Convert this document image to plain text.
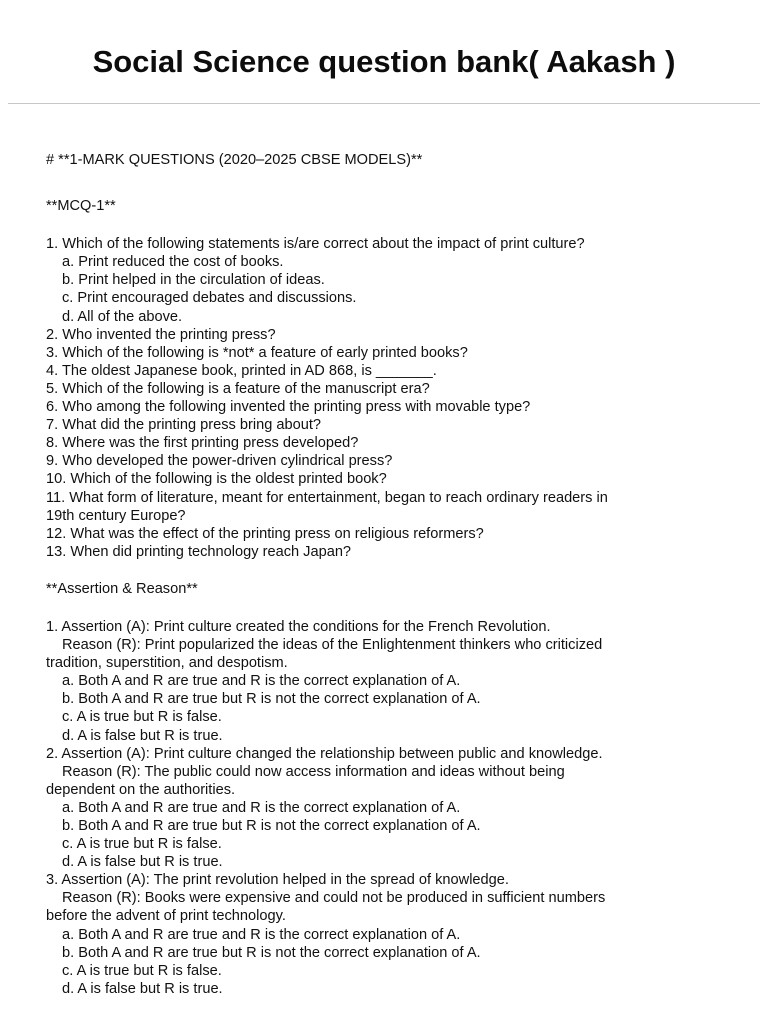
Social Science question bank( Aakash )
# **1-MARK QUESTIONS (2020–2025 CBSE MODELS)**
**MCQ-1**
1. Which of the following statements is/are correct about the impact of print culture?
a. Print reduced the cost of books.
b. Print helped in the circulation of ideas.
c. Print encouraged debates and discussions.
d. All of the above.
2. Who invented the printing press?
3. Which of the following is *not* a feature of early printed books?
4. The oldest Japanese book, printed in AD 868, is _______.
5. Which of the following is a feature of the manuscript era?
6. Who among the following invented the printing press with movable type?
7. What did the printing press bring about?
8. Where was the first printing press developed?
9. Who developed the power-driven cylindrical press?
10. Which of the following is the oldest printed book?
11. What form of literature, meant for entertainment, began to reach ordinary readers in
19th century Europe?
12. What was the effect of the printing press on religious reformers?
13. When did printing technology reach Japan?
**Assertion & Reason**
1. Assertion (A): Print culture created the conditions for the French Revolution.
Reason (R): Print popularized the ideas of the Enlightenment thinkers who criticized
tradition, superstition, and despotism.
a. Both A and R are true and R is the correct explanation of A.
b. Both A and R are true but R is not the correct explanation of A.
c. A is true but R is false.
d. A is false but R is true.
2. Assertion (A): Print culture changed the relationship between public and knowledge.
Reason (R): The public could now access information and ideas without being
dependent on the authorities.
a. Both A and R are true and R is the correct explanation of A.
b. Both A and R are true but R is not the correct explanation of A.
c. A is true but R is false.
d. A is false but R is true.
3. Assertion (A): The print revolution helped in the spread of knowledge.
Reason (R): Books were expensive and could not be produced in sufficient numbers
before the advent of print technology.
a. Both A and R are true and R is the correct explanation of A.
b. Both A and R are true but R is not the correct explanation of A.
c. A is true but R is false.
d. A is false but R is true.
